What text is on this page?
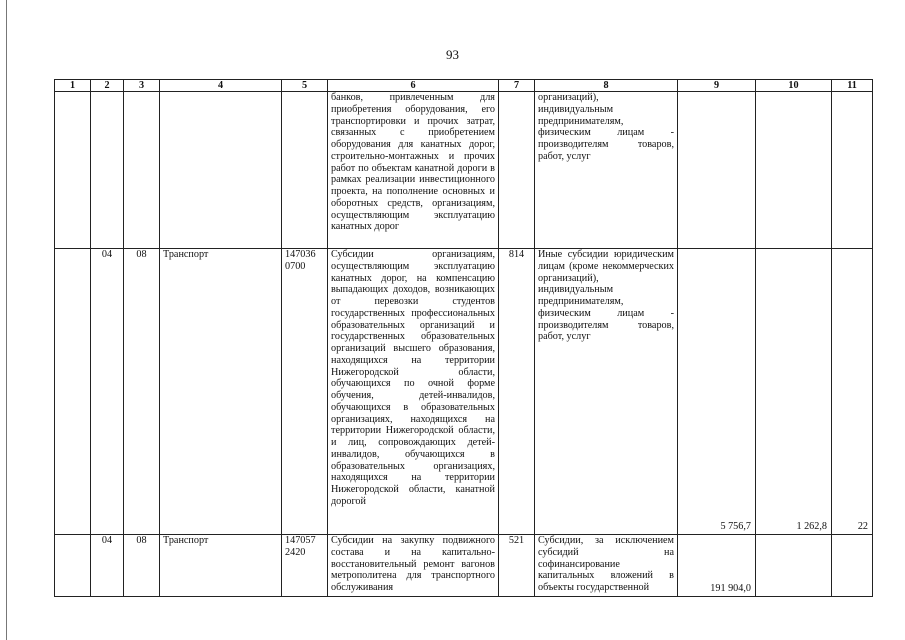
93
1	2	3	4	5	6	7	8	9	10	11
					банков, привлеченным для приобретения оборудования, его транспортировки и прочих затрат, связанных с приобретением оборудования для канатных дорог, строительно-монтажных и прочих работ по объектам канатной дороги в рамках реализации инвестиционного проекта, на пополнение основных и оборотных средств, организациям, осуществляющим эксплуатацию канатных дорог		организаций), индивидуальным предпринимателям, физическим лицам - производителям товаров, работ, услуг	

	04	08	Транспорт	147036 0700	Субсидии организациям, осуществляющим эксплуатацию канатных дорог, на компенсацию выпадающих доходов, возникающих от перевозки студентов государственных профессиональных образовательных организаций и государственных образовательных организаций высшего образования, находящихся на территории Нижегородской области, обучающихся по очной форме обучения, детей-инвалидов, обучающихся в образовательных организациях, находящихся на территории Нижегородской области, и лиц, сопровождающих детей-инвалидов, обучающихся в образовательных организациях, находящихся на территории Нижегородской области, канатной дорогой	814	Иные субсидии юридическим лицам (кроме некоммерческих организаций), индивидуальным предпринимателям, физическим лицам - производителям товаров, работ, услуг	5 756,7	1 262,8	22

	04	08	Транспорт	147057 2420	Субсидии на закупку подвижного состава и на капитально-восстановительный ремонт вагонов метрополитена для транспортного обслуживания	521	Субсидии, за исключением субсидий на софинансирование капитальных вложений в объекты государственной	191 904,0		
